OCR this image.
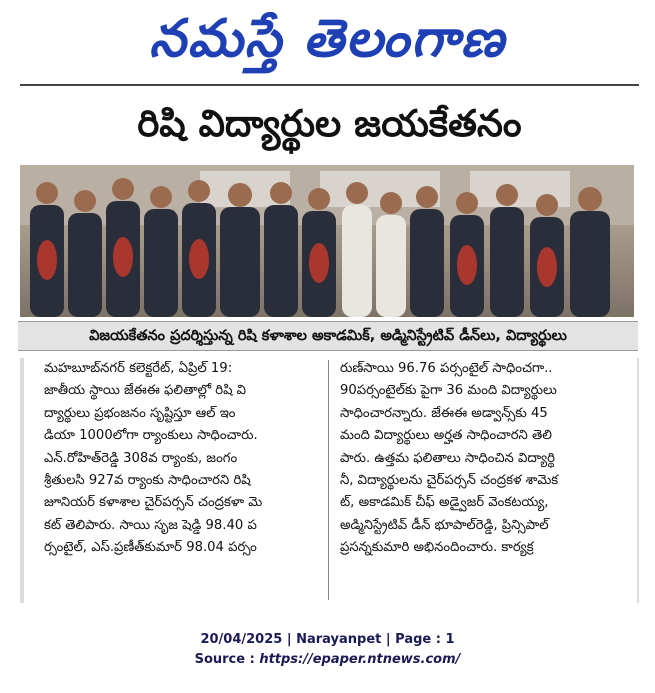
నమస్తే తెలంగాణ
రిషి విద్యార్థుల జయకేతనం
విజయకేతనం ప్రదర్శిస్తున్న రిషి కళాశాల అకాడమిక్, అడ్మినిస్ట్రేటివ్ డీన్‌లు, విద్యార్థులు

మహబూబ్‌నగర్ కలెక్టరేట్, ఏప్రిల్ 19:

జాతీయ స్థాయి జేఈఈ ఫలితాల్లో రిషి వి

ద్యార్థులు ప్రభంజనం సృష్టిస్తూ ఆల్ ఇం

డియా 1000లోగా ర్యాంకులు సాధించారు.

ఎన్.రోహిత్‌రెడ్డి 308వ ర్యాంకు, జంగం

శ్రీతులసి 927వ ర్యాంకు సాధించారని రిషి

జూనియర్ కళాశాల చైర్‌పర్సన్ చంద్రకళా మె

కట్ తెలిపారు. సాయి సృజ షెడ్డి 98.40 ప

ర్సంటైల్, ఎస్.ప్రణీత్‌కుమార్ 98.04 పర్సం

రుణ్‌సాయి 96.76 పర్సంటైల్ సాధించగా..

90పర్సంటైల్‌కు పైగా 36 మంది విద్యార్థులు

సాధించారన్నారు. జేఈఈ అడ్వాన్స్‌కు 45

మంది విద్యార్థులు అర్హత సాధించారని తెలి

పారు. ఉత్తమ ఫలితాలు సాధించిన విద్యార్థి

నీ, విద్యార్థులను చైర్‌పర్సన్ చంద్రకళ శామెక

ట్, అకాడమిక్ చీఫ్ అడ్వైజర్ వెంకటయ్య,

అడ్మినిస్ట్రేటివ్ డీన్ భూపాల్‌రెడ్డి, ప్రిన్సిపాల్

ప్రసన్నకుమారి అభినందించారు. కార్యక్ర

20/04/2025 | Narayanpet | Page : 1
Source : https://epaper.ntnews.com/
